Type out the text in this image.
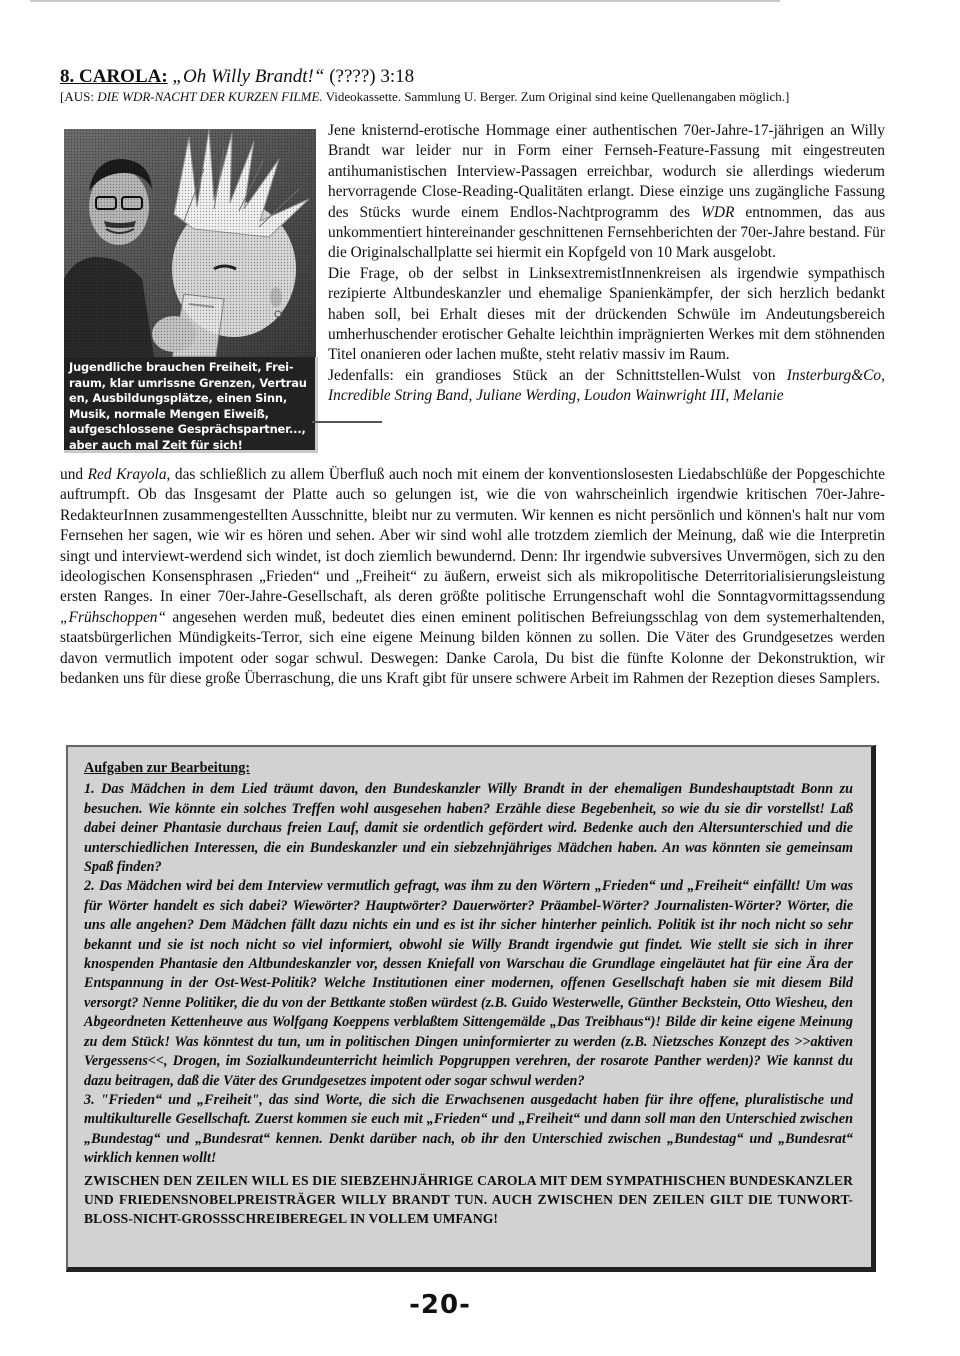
8. CAROLA: „Oh Willy Brandt!“ (????) 3:18
[AUS: DIE WDR-NACHT DER KURZEN FILME. Videokassette. Sammlung U. Berger. Zum Original sind keine Quellenangaben möglich.]
Jugendliche brauchen Freiheit, Frei-
raum, klar umrissne Grenzen, Vertrau
en, Ausbildungsplätze, einen Sinn,
Musik, normale Mengen Eiweiß,
aufgeschlossene Gesprächspartner...,
aber auch mal Zeit für sich!

Jene knisternd-erotische Hommage einer authentischen 70er-Jahre-17-jährigen an Willy Brandt war leider nur in Form einer Fernseh-Feature-Fassung mit eingestreuten antihumanistischen Interview-Passagen erreichbar, wodurch sie allerdings wiederum hervorragende Close-Reading-Qualitäten erlangt. Diese einzige uns zugängliche Fassung des Stücks wurde einem Endlos-Nachtprogramm des WDR entnommen, das aus unkommentiert hintereinander geschnittenen Fernsehberichten der 70er-Jahre bestand. Für die Originalschallplatte sei hiermit ein Kopfgeld von 10 Mark ausgelobt.

Die Frage, ob der selbst in LinksextremistInnenkreisen als irgendwie sympathisch rezipierte Altbundeskanzler und ehemalige Spanienkämpfer, der sich herzlich bedankt haben soll, bei Erhalt dieses mit der drückenden Schwüle im Andeutungsbereich umherhuschender erotischer Gehalte leichthin imprägnierten Werkes mit dem stöhnenden Titel onanieren oder lachen mußte, steht relativ massiv im Raum.

Jedenfalls: ein grandioses Stück an der Schnittstellen-Wulst von Insterburg&Co, Incredible String Band, Juliane Werding, Loudon Wainwright III, Melanie

und Red Krayola, das schließlich zu allem Überfluß auch noch mit einem der konventionslosesten Liedabschlüße der Popgeschichte auftrumpft. Ob das Insgesamt der Platte auch so gelungen ist, wie die von wahrscheinlich irgendwie kritischen 70er-Jahre-RedakteurInnen zusammengestellten Ausschnitte, bleibt nur zu vermuten. Wir kennen es nicht persönlich und können's halt nur vom Fernsehen her sagen, wie wir es hören und sehen. Aber wir sind wohl alle trotzdem ziemlich der Meinung, daß wie die Interpretin singt und interviewt-werdend sich windet, ist doch ziemlich bewundernd. Denn: Ihr irgendwie subversives Unvermögen, sich zu den ideologischen Konsensphrasen „Frieden“ und „Freiheit“ zu äußern, erweist sich als mikropolitische Deterritorialisierungsleistung ersten Ranges. In einer 70er-Jahre-Gesellschaft, als deren größte politische Errungenschaft wohl die Sonntagvormittagssendung „Frühschoppen“ angesehen werden muß, bedeutet dies einen eminent politischen Befreiungsschlag von dem systemerhaltenden, staatsbürgerlichen Mündigkeits-Terror, sich eine eigene Meinung bilden können zu sollen. Die Väter des Grundgesetzes werden davon vermutlich impotent oder sogar schwul. Deswegen: Danke Carola, Du bist die fünfte Kolonne der Dekonstruktion, wir bedanken uns für diese große Überraschung, die uns Kraft gibt für unsere schwere Arbeit im Rahmen der Rezeption dieses Samplers.

Aufgaben zur Bearbeitung:

1. Das Mädchen in dem Lied träumt davon, den Bundeskanzler Willy Brandt in der ehemaligen Bundeshauptstadt Bonn zu besuchen. Wie könnte ein solches Treffen wohl ausgesehen haben? Erzähle diese Begebenheit, so wie du sie dir vorstellst! Laß dabei deiner Phantasie durchaus freien Lauf, damit sie ordentlich gefördert wird. Bedenke auch den Altersunterschied und die unterschiedlichen Interessen, die ein Bundeskanzler und ein siebzehnjähriges Mädchen haben. An was könnten sie gemeinsam Spaß finden?

2. Das Mädchen wird bei dem Interview vermutlich gefragt, was ihm zu den Wörtern „Frieden“ und „Freiheit“ einfällt! Um was für Wörter handelt es sich dabei? Wiewörter? Hauptwörter? Dauerwörter? Präambel-Wörter? Journalisten-Wörter? Wörter, die uns alle angehen? Dem Mädchen fällt dazu nichts ein und es ist ihr sicher hinterher peinlich. Politik ist ihr noch nicht so sehr bekannt und sie ist noch nicht so viel informiert, obwohl sie Willy Brandt irgendwie gut findet. Wie stellt sie sich in ihrer knospenden Phantasie den Altbundeskanzler vor, dessen Kniefall von Warschau die Grundlage eingeläutet hat für eine Ära der Entspannung in der Ost-West-Politik? Welche Institutionen einer modernen, offenen Gesellschaft haben sie mit diesem Bild versorgt? Nenne Politiker, die du von der Bettkante stoßen würdest (z.B. Guido Westerwelle, Günther Beckstein, Otto Wiesheu, den Abgeordneten Kettenheuve aus Wolfgang Koeppens verblaßtem Sittengemälde „Das Treibhaus“)! Bilde dir keine eigene Meinung zu dem Stück! Was könntest du tun, um in politischen Dingen uninformierter zu werden (z.B. Nietzsches Konzept des >>aktiven Vergessens<<, Drogen, im Sozialkundeunterricht heimlich Popgruppen verehren, der rosarote Panther werden)? Wie kannst du dazu beitragen, daß die Väter des Grundgesetzes impotent oder sogar schwul werden?

3. "Frieden“ und „Freiheit", das sind Worte, die sich die Erwachsenen ausgedacht haben für ihre offene, pluralistische und multikulturelle Gesellschaft. Zuerst kommen sie euch mit „Frieden“ und „Freiheit“ und dann soll man den Unterschied zwischen „Bundestag“ und „Bundesrat“ kennen. Denkt darüber nach, ob ihr den Unterschied zwischen „Bundestag“ und „Bundesrat“ wirklich kennen wollt!

ZWISCHEN DEN ZEILEN WILL ES DIE SIEBZEHNJÄHRIGE CAROLA MIT DEM SYMPATHISCHEN BUNDESKANZLER UND FRIEDENSNOBELPREISTRÄGER WILLY BRANDT TUN. AUCH ZWISCHEN DEN ZEILEN GILT DIE TUNWORT-BLOSS-NICHT-GROSSSCHREIBEREGEL IN VOLLEM UMFANG!

-20-
